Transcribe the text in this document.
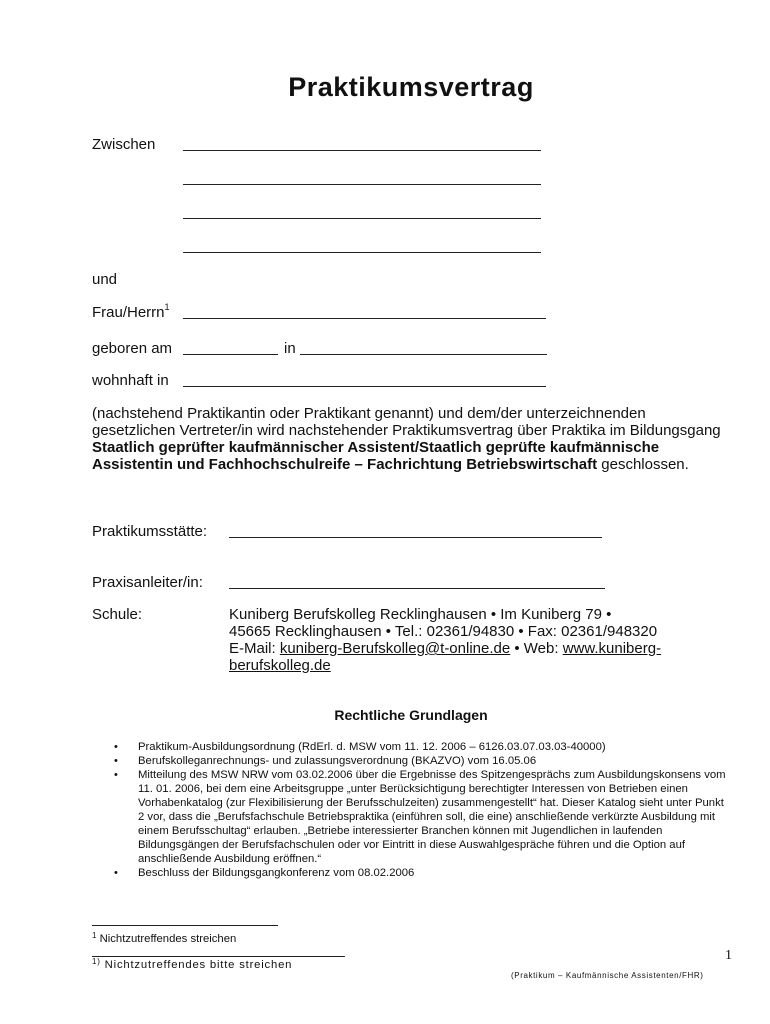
Praktikumsvertrag
Zwischen
und
Frau/Herrn$^1$
geboren am	in
wohnhaft in
(nachstehend Praktikantin oder Praktikant genannt) und dem/der unterzeichnenden gesetzlichen Vertreter/in wird nachstehender Praktikumsvertrag über Praktika im Bildungsgang Staatlich geprüfter kaufmännischer Assistent/Staatlich geprüfte kaufmännische Assistentin und Fachhochschulreife – Fachrichtung Betriebswirtschaft geschlossen.
Praktikumsstätte:
Praxisanleiter/in:
Schule:	Kuniberg Berufskolleg Recklinghausen • Im Kuniberg 79 •
45665 Recklinghausen • Tel.: 02361/94830 • Fax: 02361/948320
E-Mail: kuniberg-Berufskolleg@t-online.de • Web: www.kuniberg-
berufskolleg.de
Rechtliche Grundlagen
• Praktikum-Ausbildungsordnung (RdErl. d. MSW vom 11. 12. 2006 – 6126.03.07.03.03-40000)
• Berufskolleganrechnungs- und zulassungsverordnung (BKAZVO) vom 16.05.06
• Mitteilung des MSW NRW vom 03.02.2006 über die Ergebnisse des Spitzengesprächs zum Ausbildungskonsens vom 11. 01. 2006, bei dem eine Arbeitsgruppe „unter Berücksichtigung berechtigter Interessen von Betrieben einen Vorhabenkatalog (zur Flexibilisierung der Berufsschulzeiten) zusammengestellt“ hat. Dieser Katalog sieht unter Punkt 2 vor, dass die „Berufsfachschule Betriebspraktika (einführen soll, die eine) anschließende verkürzte Ausbildung mit einem Berufsschultag“ erlauben. „Betriebe interessierter Branchen können mit Jugendlichen in laufenden Bildungsgängen der Berufsfachschulen oder vor Eintritt in diese Auswahlgespräche führen und die Option auf anschließende Ausbildung eröffnen.“
• Beschluss der Bildungsgangkonferenz vom 08.02.2006
$^1$ Nichtzutreffendes streichen
$^{1)}$ Nichtzutreffendes bitte streichen
1
(Praktikum – Kaufmännische Assistenten/FHR)
